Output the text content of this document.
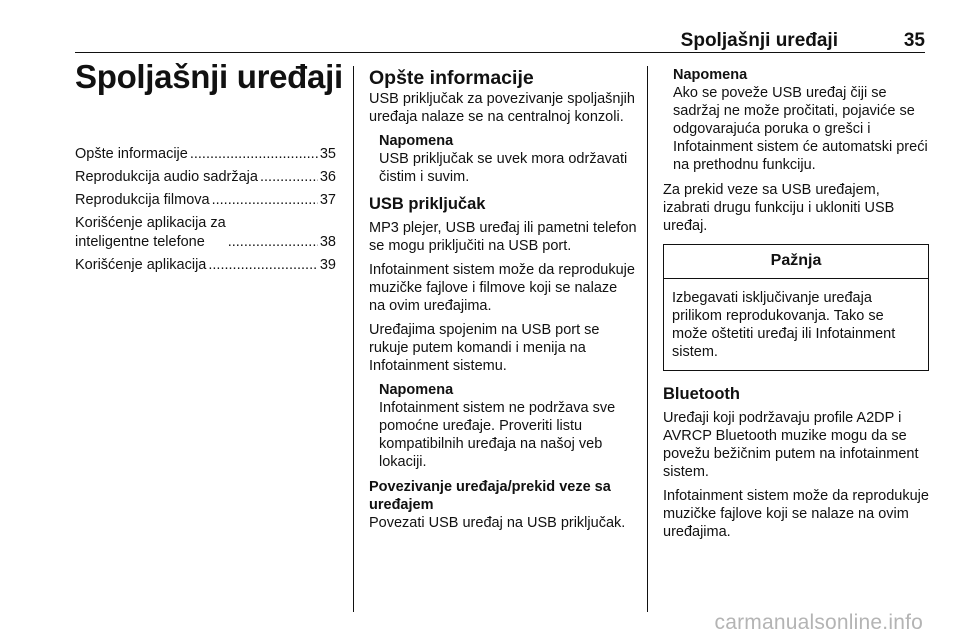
Spoljašnji uređaji	35
Spoljašnji uređaji
Opšte informacije .....	35
Reprodukcija audio sadržaja .....	36
Reprodukcija filmova .....	37
Korišćenje aplikacija za
inteligentne telefone .....	38
Korišćenje aplikacija .....	39
Opšte informacije

USB priključak za povezivanje spoljašnjih uređaja nalaze se na centralnoj konzoli.

Napomena
USB priključak se uvek mora održavati čistim i suvim.
USB priključak

MP3 plejer, USB uređaj ili pametni telefon se mogu priključiti na USB port.

Infotainment sistem može da reprodukuje muzičke fajlove i filmove koji se nalaze na ovim uređajima.

Uređajima spojenim na USB port se rukuje putem komandi i menija na Infotainment sistemu.

Napomena
Infotainment sistem ne podržava sve pomoćne uređaje. Proveriti listu kompatibilnih uređaja na našoj veb lokaciji.
Povezivanje uređaja/prekid veze sa uređajem

Povezati USB uređaj na USB priključak.

Napomena
Ako se poveže USB uređaj čiji se sadržaj ne može pročitati, pojaviće se odgovarajuća poruka o grešci i Infotainment sistem će automatski preći na prethodnu funkciju.

Za prekid veze sa USB uređajem, izabrati drugu funkciju i ukloniti USB uređaj.

Pažnja
Izbegavati isključivanje uređaja prilikom reprodukovanja. Tako se može oštetiti uređaj ili Infotainment sistem.
Bluetooth

Uređaji koji podržavaju profile A2DP i AVRCP Bluetooth muzike mogu da se povežu bežičnim putem na infotainment sistem.

Infotainment sistem može da reprodukuje muzičke fajlove koji se nalaze na ovim uređajima.

carmanualsonline.info
